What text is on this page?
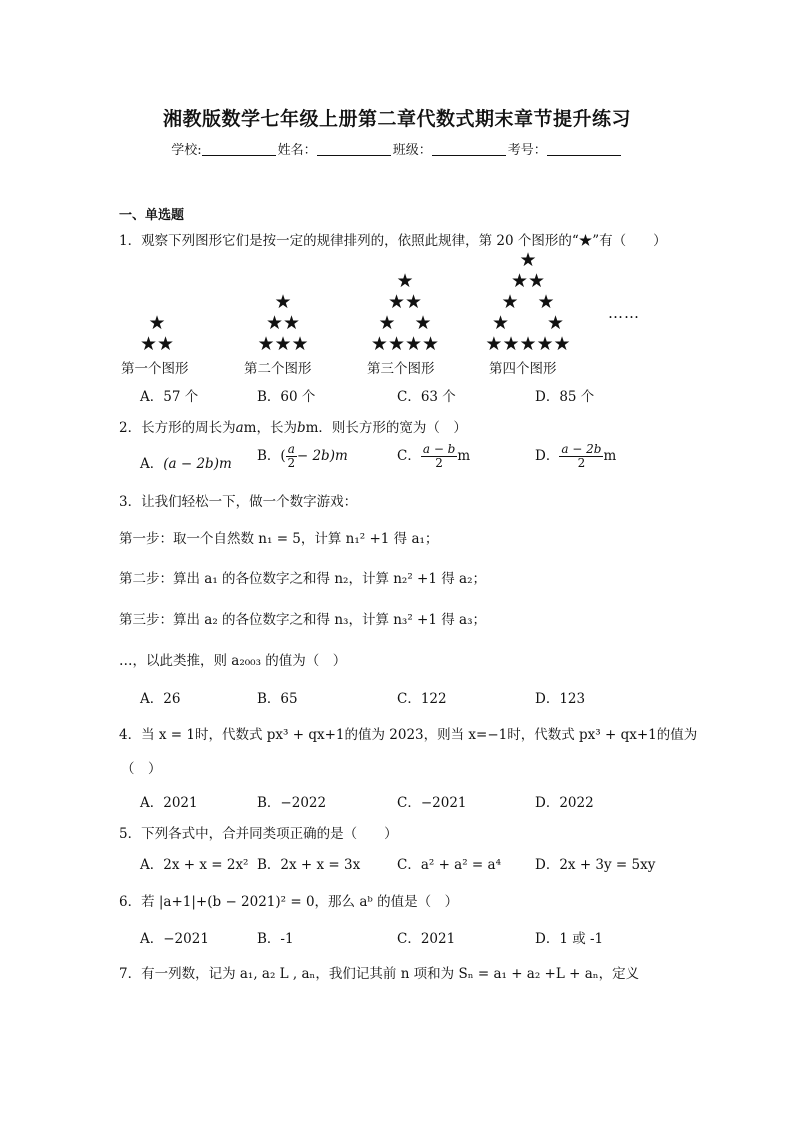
湘教版数学七年级上册第二章代数式期末章节提升练习
学校:	姓名：	班级：	考号：
一、单选题
1．观察下列图形它们是按一定的规律排列的，依照此规律，第 20 个图形的“★”有（　　）
★
★★
★
★★
★★★
★
★★
★　★
★★★★
★
★★
★　★
★　　★
★★★★★
……
第一个图形	第二个图形	第三个图形	第四个图形
A．57 个	B．60 个	C．63 个	D．85 个
2．长方形的周长为am，长为bm．则长方形的宽为（　）
A．(a − 2b)m B．( $\frac{a}{2} - 2b)m$	C． $\frac{a - b}{2}$ m	D． $\frac{a - 2b}{2}$ m
3．让我们轻松一下，做一个数字游戏：
第一步：取一个自然数 n₁ = 5，计算 n₁² +1 得 a₁；
第二步：算出 a₁ 的各位数字之和得 n₂，计算 n₂² +1 得 a₂；
第三步：算出 a₂ 的各位数字之和得 n₃，计算 n₃² +1 得 a₃；
…，以此类推，则 a₂₀₀₃ 的值为（　）
A．26	B．65	C．122	D．123
4．当 x = 1时，代数式 px³ + qx+1的值为 2023，则当 x=−1时，代数式 px³ + qx+1的值为
（　）
A．2021	B．−2022	C．−2021	D．2022
5．下列各式中，合并同类项正确的是（　　）
A．2x + x = 2x² B．2x + x = 3x	C．a² + a² = a⁴	D．2x + 3y = 5xy
6．若 |a+1|+(b − 2021)² = 0，那么 aᵇ 的值是（　）
A．−2021	B．-1	C．2021	D．1 或 -1
7．有一列数，记为 a₁, a₂ L , aₙ，我们记其前 n 项和为 Sₙ = a₁ + a₂ +L + aₙ，定义
